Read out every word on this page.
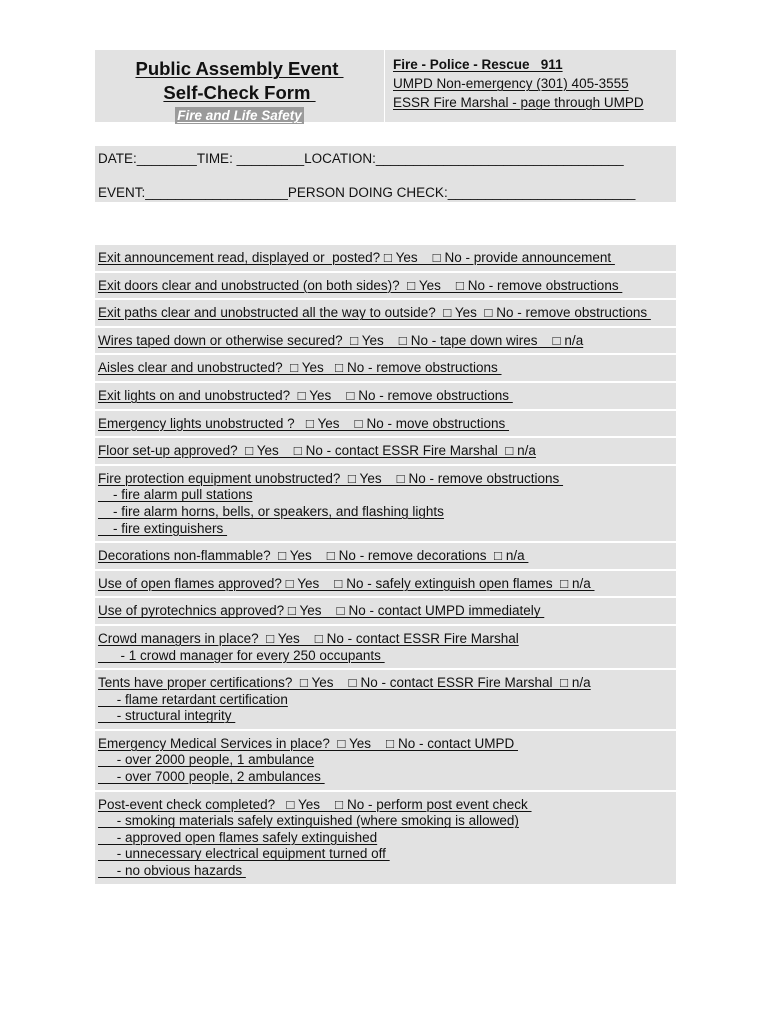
Public Assembly Event
Self-Check Form
Fire and Life Safety
Fire - Police - Rescue   911
UMPD Non-emergency (301) 405-3555
ESSR Fire Marshal - page through UMPD
DATE:________TIME: _________LOCATION:_________________________________
EVENT:___________________PERSON DOING CHECK:_________________________
Exit announcement read, displayed or  posted? □ Yes    □ No - provide announcement
Exit doors clear and unobstructed (on both sides)?  □ Yes    □ No - remove obstructions
Exit paths clear and unobstructed all the way to outside?  □ Yes  □ No - remove obstructions
Wires taped down or otherwise secured?  □ Yes    □ No - tape down wires    □ n/a
Aisles clear and unobstructed?  □ Yes   □ No - remove obstructions
Exit lights on and unobstructed?  □ Yes    □ No - remove obstructions
Emergency lights unobstructed ?   □ Yes    □ No - move obstructions
Floor set-up approved?  □ Yes    □ No - contact ESSR Fire Marshal  □ n/a
Fire protection equipment unobstructed?  □ Yes    □ No - remove obstructions
- fire alarm pull stations
- fire alarm horns, bells, or speakers, and flashing lights
- fire extinguishers
Decorations non-flammable?  □ Yes    □ No - remove decorations  □ n/a
Use of open flames approved? □ Yes    □ No - safely extinguish open flames  □ n/a
Use of pyrotechnics approved? □ Yes    □ No - contact UMPD immediately
Crowd managers in place?  □ Yes    □ No - contact ESSR Fire Marshal
- 1 crowd manager for every 250 occupants
Tents have proper certifications?  □ Yes    □ No - contact ESSR Fire Marshal  □ n/a
- flame retardant certification
- structural integrity
Emergency Medical Services in place?  □ Yes    □ No - contact UMPD
- over 2000 people, 1 ambulance
- over 7000 people, 2 ambulances
Post-event check completed?   □ Yes    □ No - perform post event check
- smoking materials safely extinguished (where smoking is allowed)
- approved open flames safely extinguished
- unnecessary electrical equipment turned off
- no obvious hazards
